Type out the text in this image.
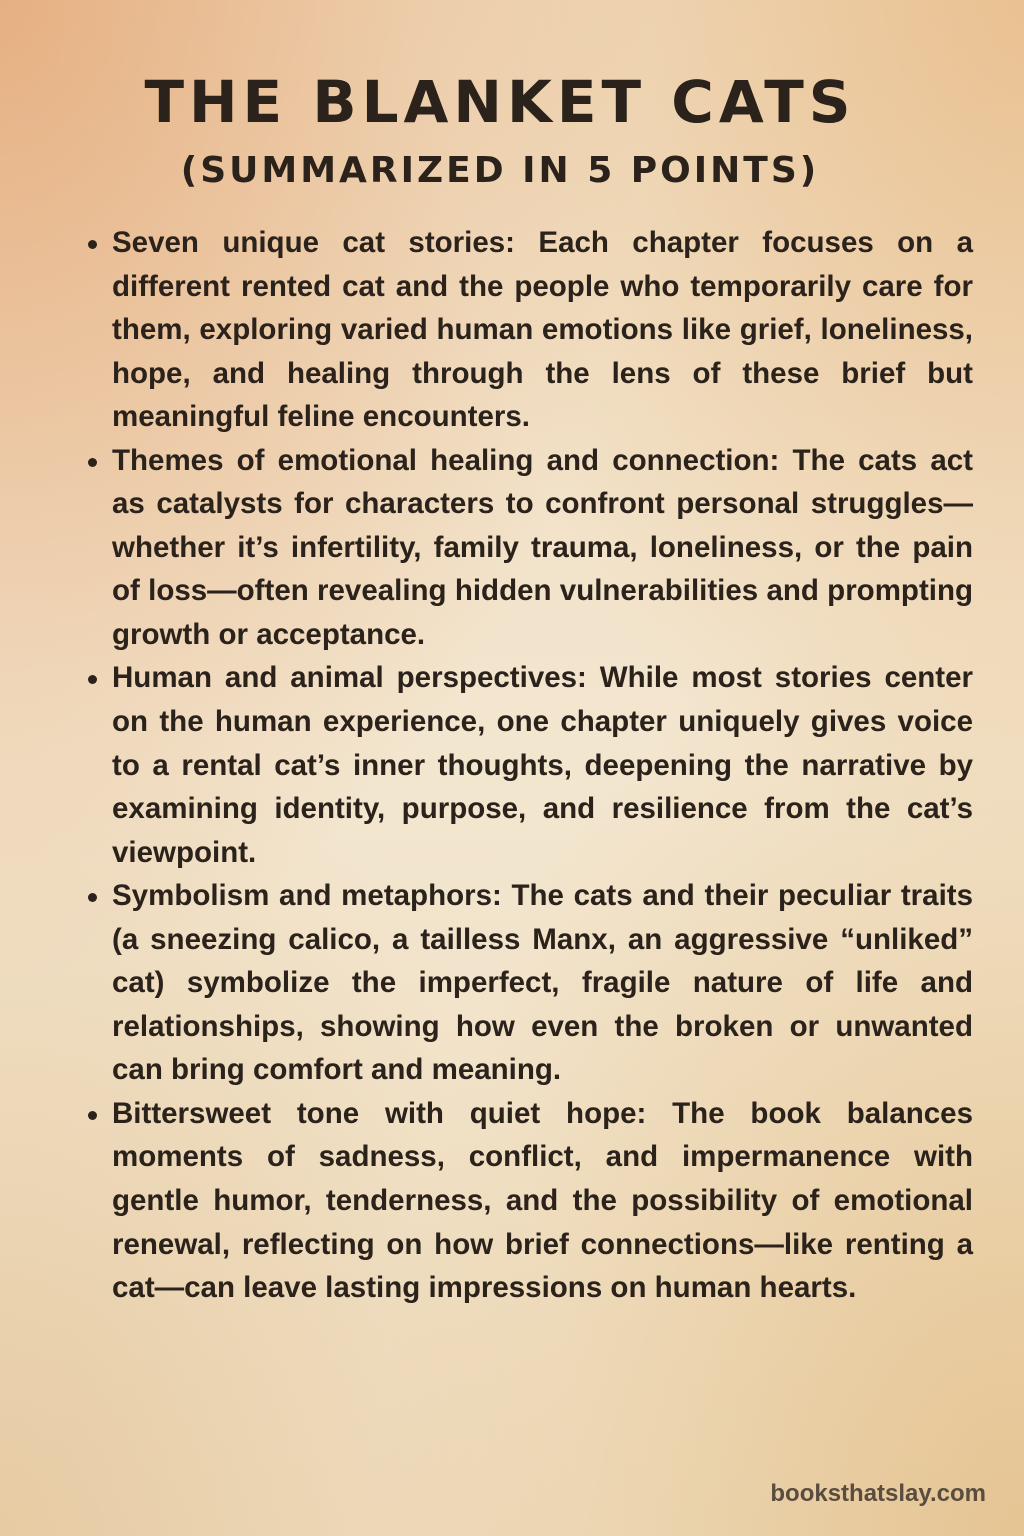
THE BLANKET CATS
(SUMMARIZED IN 5 POINTS)
Seven unique cat stories: Each chapter focuses on a different rented cat and the people who temporarily care for them, exploring varied human emotions like grief, loneliness, hope, and healing through the lens of these brief but meaningful feline encounters.
Themes of emotional healing and connection: The cats act as catalysts for characters to confront personal struggles—whether it’s infertility, family trauma, loneliness, or the pain of loss—often revealing hidden vulnerabilities and prompting growth or acceptance.
Human and animal perspectives: While most stories center on the human experience, one chapter uniquely gives voice to a rental cat’s inner thoughts, deepening the narrative by examining identity, purpose, and resilience from the cat’s viewpoint.
Symbolism and metaphors: The cats and their peculiar traits (a sneezing calico, a tailless Manx, an aggressive “unliked” cat) symbolize the imperfect, fragile nature of life and relationships, showing how even the broken or unwanted can bring comfort and meaning.
Bittersweet tone with quiet hope: The book balances moments of sadness, conflict, and impermanence with gentle humor, tenderness, and the possibility of emotional renewal, reflecting on how brief connections—like renting a cat—can leave lasting impressions on human hearts.
booksthatslay.com
